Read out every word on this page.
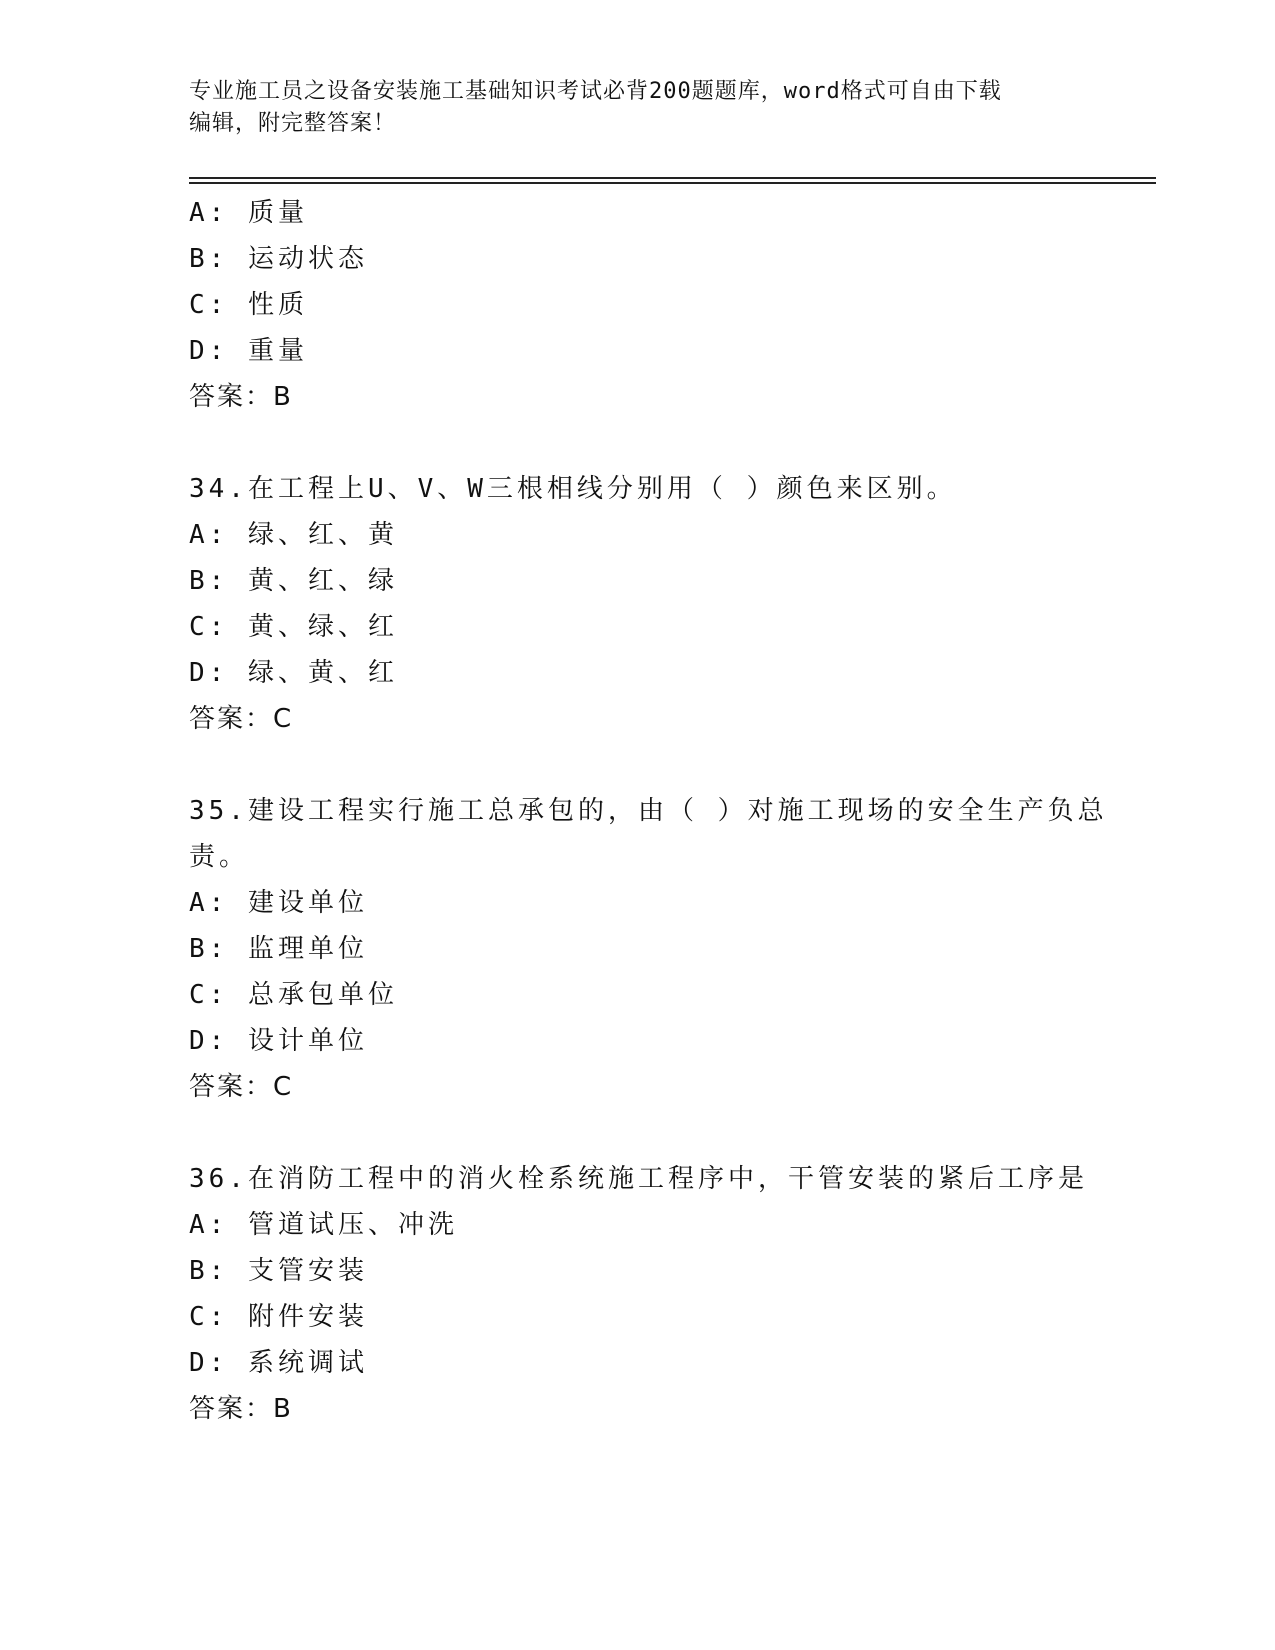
专业施工员之设备安装施工基础知识考试必背200题题库，word格式可自由下载
编辑，附完整答案！
A: 质量
B: 运动状态
C: 性质
D: 重量
答案：B
34.在工程上U、V、W三根相线分别用（ ）颜色来区别。
A: 绿、红、黄
B: 黄、红、绿
C: 黄、绿、红
D: 绿、黄、红
答案：C
35.建设工程实行施工总承包的，由（ ）对施工现场的安全生产负总
责。
A: 建设单位
B: 监理单位
C: 总承包单位
D: 设计单位
答案：C
36.在消防工程中的消火栓系统施工程序中，干管安装的紧后工序是
A: 管道试压、冲洗
B: 支管安装
C: 附件安装
D: 系统调试
答案：B
